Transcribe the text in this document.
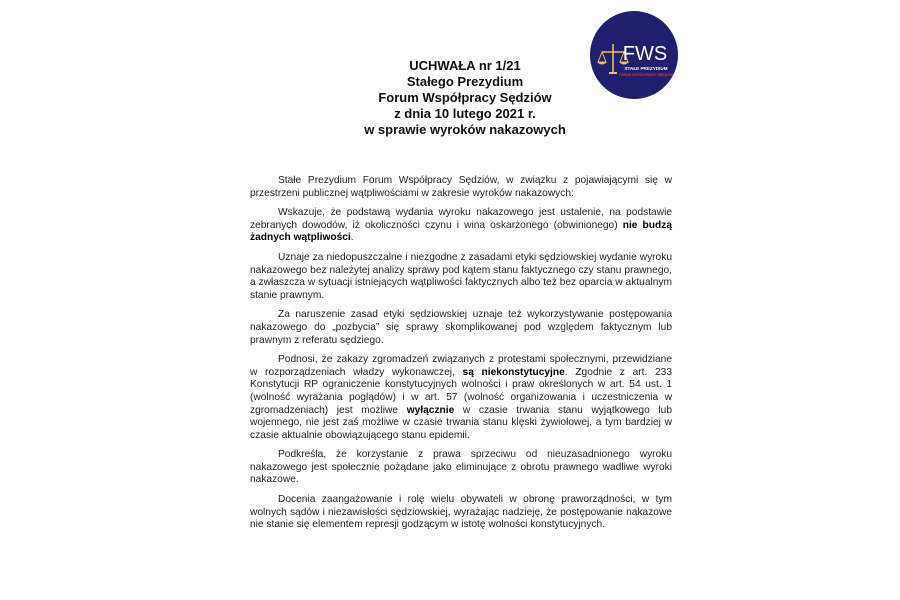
FWS
STAŁE PREZYDIUM
FORUM WSPÓŁPRACY SĘDZIÓW
UCHWAŁA nr 1/21
Stałego Prezydium
Forum Współpracy Sędziów
z dnia 10 lutego 2021 r.
w sprawie wyroków nakazowych

Stałe Prezydium Forum Współpracy Sędziów, w związku z pojawiającymi się w przestrzeni publicznej wątpliwościami w zakresie wyroków nakazowych:

Wskazuje, że podstawą wydania wyroku nakazowego jest ustalenie, na podstawie zebranych dowodów, iż okoliczności czynu i wina oskarżonego (obwinionego) nie budzą żadnych wątpliwości.

Uznaje za niedopuszczalne i niezgodne z zasadami etyki sędziowskiej wydanie wyroku nakazowego bez należytej analizy sprawy pod kątem stanu faktycznego czy stanu prawnego, a zwłaszcza w sytuacji istniejących wątpliwości faktycznych albo też bez oparcia w aktualnym stanie prawnym.

Za naruszenie zasad etyki sędziowskiej uznaje też wykorzystywanie postępowania nakazowego do „pozbycia” się sprawy skomplikowanej pod względem faktycznym lub prawnym z referatu sędziego.

Podnosi, że zakazy zgromadzeń związanych z protestami społecznymi, przewidziane w rozporządzeniach władzy wykonawczej, są niekonstytucyjne. Zgodnie z art. 233 Konstytucji RP ograniczenie konstytucyjnych wolności i praw określonych w art. 54 ust. 1 (wolność wyrażania poglądów) i w art. 57 (wolność organizowania i uczestniczenia w zgromadzeniach) jest możliwe wyłącznie w czasie trwania stanu wyjątkowego lub wojennego, nie jest zaś możliwe w czasie trwania stanu klęski żywiołowej, a tym bardziej w czasie aktualnie obowiązującego stanu epidemii.

Podkreśla, że korzystanie z prawa sprzeciwu od nieuzasadnionego wyroku nakazowego jest społecznie pożądane jako eliminujące z obrotu prawnego wadliwe wyroki nakazowe.

Docenia zaangażowanie i rolę wielu obywateli w obronę praworządności, w tym wolnych sądów i niezawisłości sędziowskiej, wyrażając nadzieję, że postępowanie nakazowe nie stanie się elementem represji godzącym w istotę wolności konstytucyjnych.
